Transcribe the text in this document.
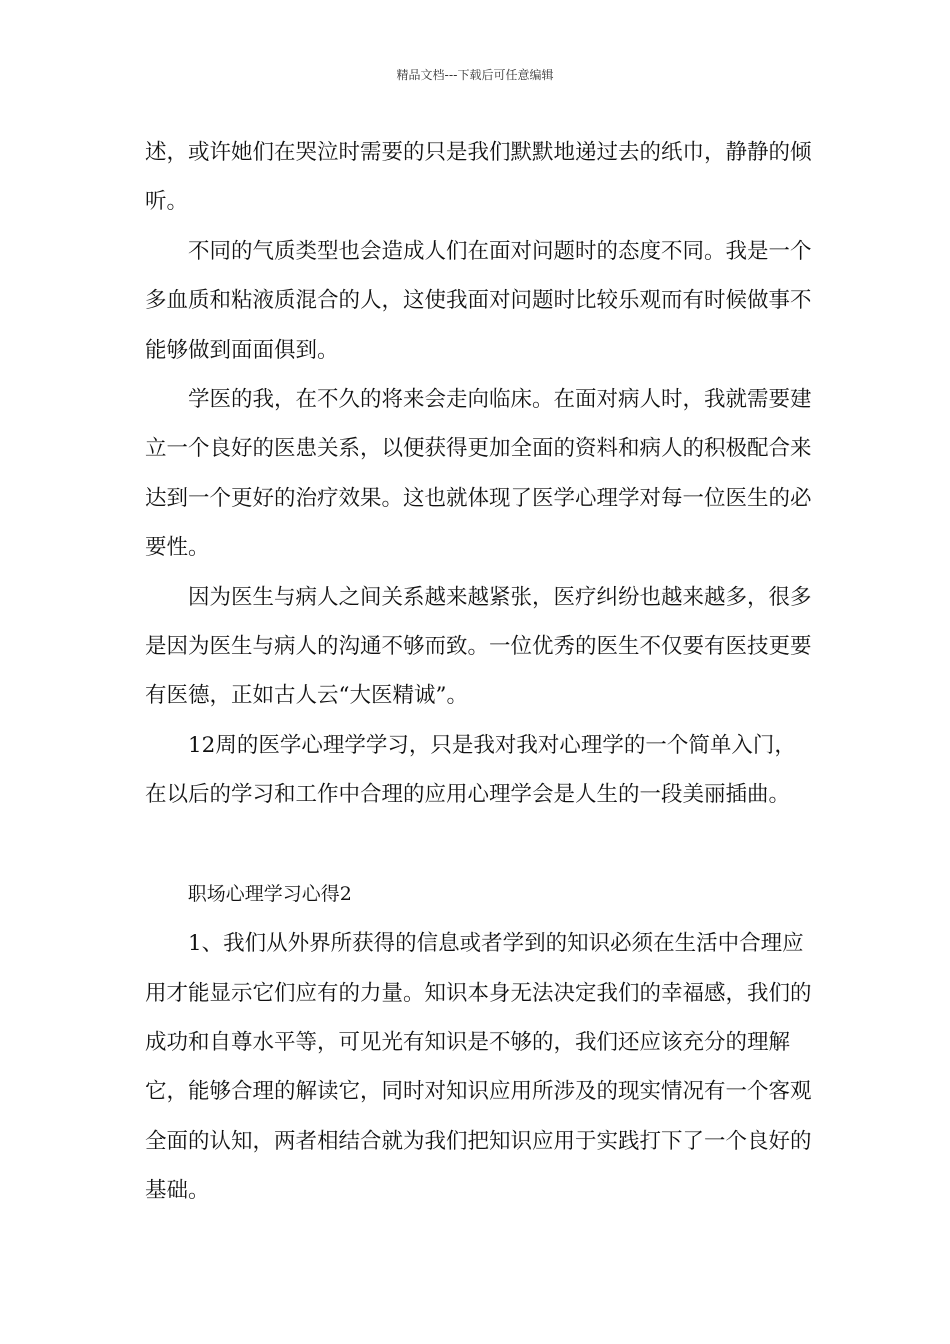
精品文档---下载后可任意编辑

述，或许她们在哭泣时需要的只是我们默默地递过去的纸巾，静静的倾听。

不同的气质类型也会造成人们在面对问题时的态度不同。我是一个多血质和粘液质混合的人，这使我面对问题时比较乐观而有时候做事不能够做到面面俱到。

学医的我，在不久的将来会走向临床。在面对病人时，我就需要建立一个良好的医患关系，以便获得更加全面的资料和病人的积极配合来达到一个更好的治疗效果。这也就体现了医学心理学对每一位医生的必要性。

因为医生与病人之间关系越来越紧张，医疗纠纷也越来越多，很多是因为医生与病人的沟通不够而致。一位优秀的医生不仅要有医技更要有医德，正如古人云“大医精诚”。

12周的医学心理学学习，只是我对我对心理学的一个简单入门，在以后的学习和工作中合理的应用心理学会是人生的一段美丽插曲。

职场心理学习心得2

1、我们从外界所获得的信息或者学到的知识必须在生活中合理应用才能显示它们应有的力量。知识本身无法决定我们的幸福感，我们的成功和自尊水平等，可见光有知识是不够的，我们还应该充分的理解它，能够合理的解读它，同时对知识应用所涉及的现实情况有一个客观全面的认知，两者相结合就为我们把知识应用于实践打下了一个良好的基础。
